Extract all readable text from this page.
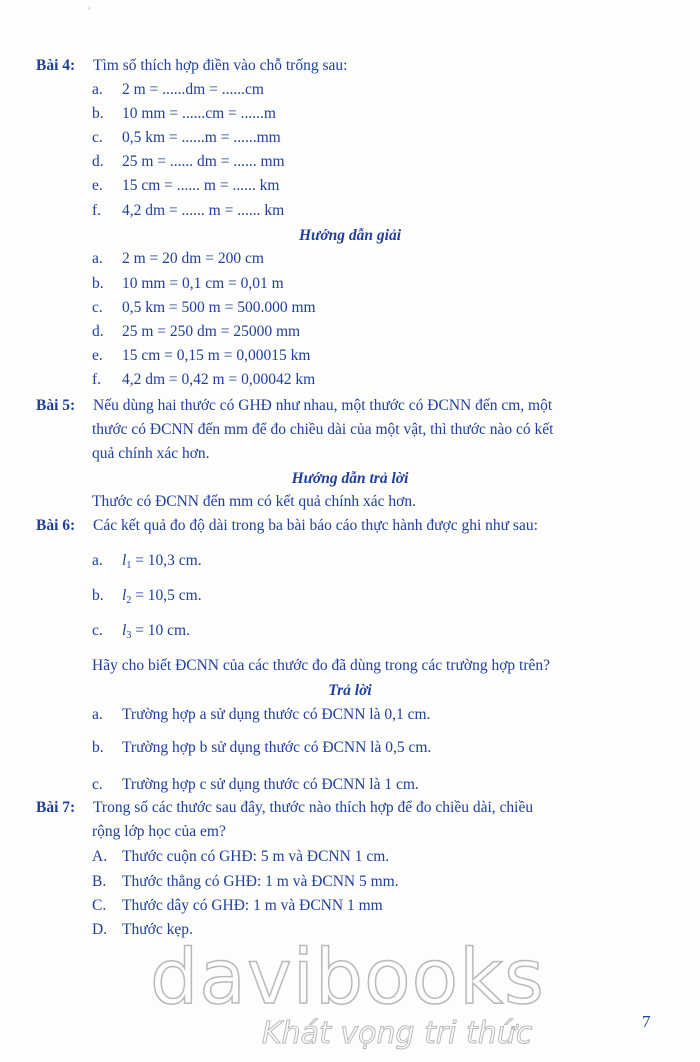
ᵃ
Bài 4: Tìm số thích hợp điền vào chỗ trống sau:
a. 2 m = ......dm = ......cm
b. 10 mm = ......cm = ......m
c. 0,5 km = ......m = ......mm
d. 25 m = ...... dm = ...... mm
e. 15 cm = ...... m = ...... km
f. 4,2 dm = ...... m = ...... km
Hướng dẫn giải
a. 2 m = 20 dm = 200 cm
b. 10 mm = 0,1 cm = 0,01 m
c. 0,5 km = 500 m = 500.000 mm
d. 25 m = 250 dm = 25000 mm
e. 15 cm = 0,15 m = 0,00015 km
f. 4,2 dm = 0,42 m = 0,00042 km
Bài 5: Nếu dùng hai thước có GHĐ như nhau, một thước có ĐCNN đến cm, một
thước có ĐCNN đến mm để đo chiều dài của một vật, thì thước nào có kết
quả chính xác hơn.
Hướng dẫn trả lời
Thước có ĐCNN đến mm có kết quả chính xác hơn.
Bài 6: Các kết quả đo độ dài trong ba bài báo cáo thực hành được ghi như sau:
a. $l_1 = 10,3$ cm.
b. $l_2 = 10,5$ cm.
c. $l_3 = 10$ cm.
Hãy cho biết ĐCNN của các thước đo đã dùng trong các trường hợp trên?
Trả lời
a. Trường hợp a sử dụng thước có ĐCNN là 0,1 cm.
b. Trường hợp b sử dụng thước có ĐCNN là 0,5 cm.
c. Trường hợp c sử dụng thước có ĐCNN là 1 cm.
Bài 7: Trong số các thước sau đây, thước nào thích hợp để đo chiều dài, chiều
rộng lớp học của em?
A. Thước cuộn có GHĐ: 5 m và ĐCNN 1 cm.
B. Thước thẳng có GHĐ: 1 m và ĐCNN 5 mm.
C. Thước dây có GHĐ: 1 m và ĐCNN 1 mm
D. Thước kẹp.
davibooks
Khát vọng tri thức	7
